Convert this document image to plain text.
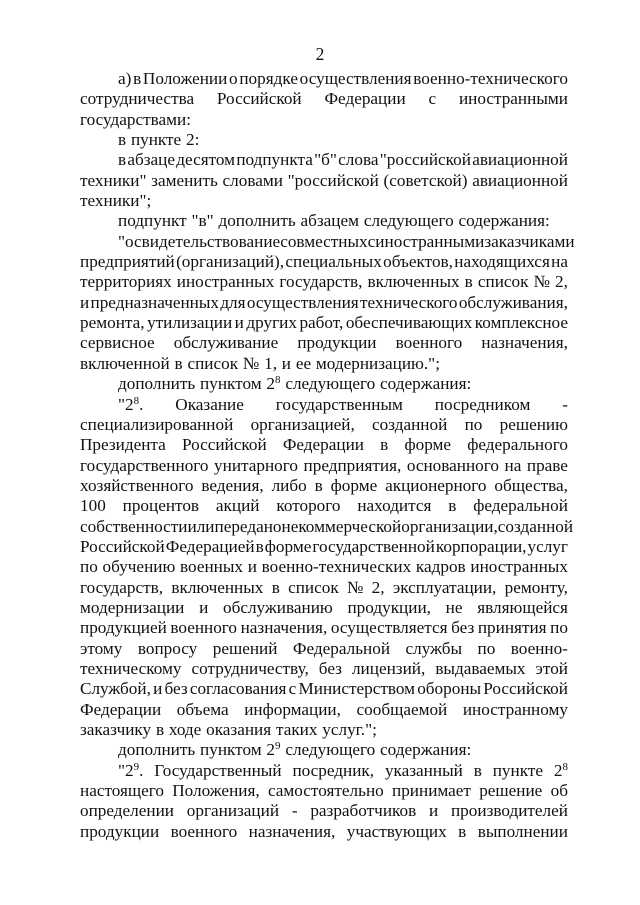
2
а) в Положении о порядке осуществления военно-технического
сотрудничества Российской Федерации с иностранными
государствами:
в пункте 2:
в абзаце десятом подпункта "б" слова "российской авиационной
техники" заменить словами "российской (советской) авиационной
техники";
подпункт "в" дополнить абзацем следующего содержания:
"освидетельствование совместных с иностранными заказчиками
предприятий (организаций), специальных объектов, находящихся на
территориях иностранных государств, включенных в список № 2,
и предназначенных для осуществления технического обслуживания,
ремонта, утилизации и других работ, обеспечивающих комплексное
сервисное обслуживание продукции военного назначения,
включенной в список № 1, и ее модернизацию.";
дополнить пунктом $2^8$ следующего содержания:
"$2^8$. Оказание государственным посредником -
специализированной организацией, созданной по решению
Президента Российской Федерации в форме федерального
государственного унитарного предприятия, основанного на праве
хозяйственного ведения, либо в форме акционерного общества,
100 процентов акций которого находится в федеральной
собственности или передано некоммерческой организации, созданной
Российской Федерацией в форме государственной корпорации, услуг
по обучению военных и военно-технических кадров иностранных
государств, включенных в список № 2, эксплуатации, ремонту,
модернизации и обслуживанию продукции, не являющейся
продукцией военного назначения, осуществляется без принятия по
этому вопросу решений Федеральной службы по военно-
техническому сотрудничеству, без лицензий, выдаваемых этой
Службой, и без согласования с Министерством обороны Российской
Федерации объема информации, сообщаемой иностранному
заказчику в ходе оказания таких услуг.";
дополнить пунктом $2^9$ следующего содержания:
"$2^9$. Государственный посредник, указанный в пункте $2^8$
настоящего Положения, самостоятельно принимает решение об
определении организаций - разработчиков и производителей
продукции военного назначения, участвующих в выполнении
